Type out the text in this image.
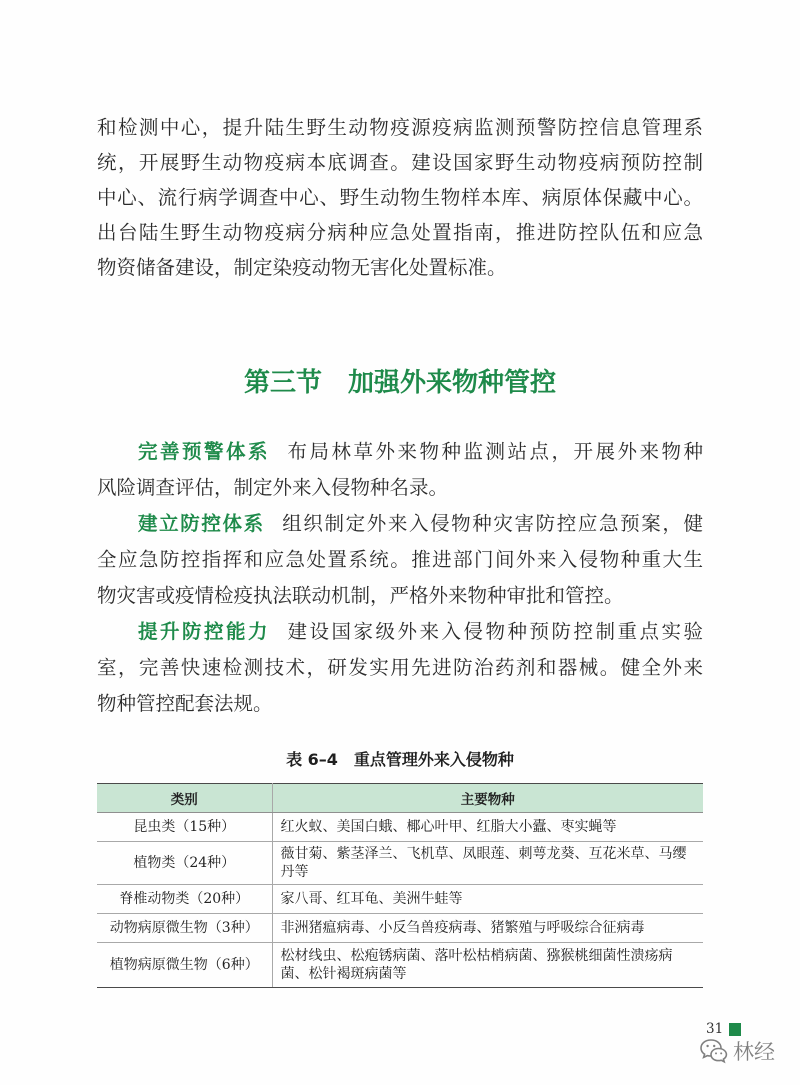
和检测中心，提升陆生野生动物疫源疫病监测预警防控信息管理系
统，开展野生动物疫病本底调查。建设国家野生动物疫病预防控制
中心、流行病学调查中心、野生动物生物样本库、病原体保藏中心。
出台陆生野生动物疫病分病种应急处置指南，推进防控队伍和应急
物资储备建设，制定染疫动物无害化处置标准。
第三节　加强外来物种管控
完善预警体系 布局林草外来物种监测站点，开展外来物种
风险调查评估，制定外来入侵物种名录。
建立防控体系 组织制定外来入侵物种灾害防控应急预案，健
全应急防控指挥和应急处置系统。推进部门间外来入侵物种重大生
物灾害或疫情检疫执法联动机制，严格外来物种审批和管控。
提升防控能力 建设国家级外来入侵物种预防控制重点实验
室，完善快速检测技术，研发实用先进防治药剂和器械。健全外来
物种管控配套法规。
表 6–4　重点管理外来入侵物种
类别	主要物种
昆虫类（15种）	红火蚁、美国白蛾、椰心叶甲、红脂大小蠹、枣实蝇等

植物类（24种）	薇甘菊、紫茎泽兰、飞机草、凤眼莲、刺萼龙葵、互花米草、马缨
丹等

脊椎动物类（20种）	家八哥、红耳龟、美洲牛蛙等

动物病原微生物（3种）	非洲猪瘟病毒、小反刍兽疫病毒、猪繁殖与呼吸综合征病毒

植物病原微生物（6种）	松材线虫、松疱锈病菌、落叶松枯梢病菌、猕猴桃细菌性溃疡病
菌、松针褐斑病菌等
31
林经
